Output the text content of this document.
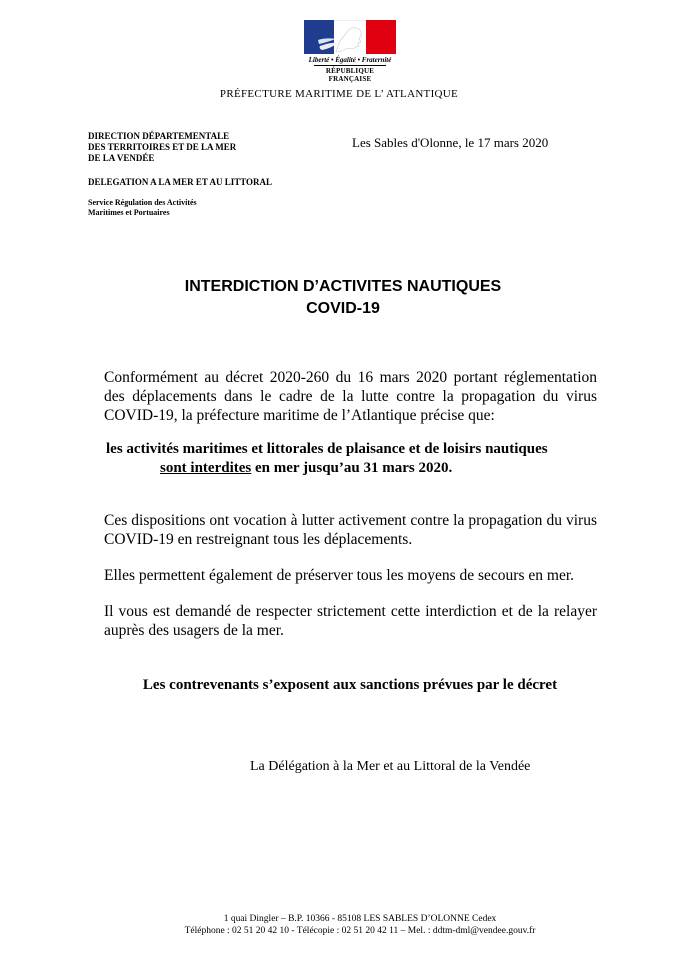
Liberté • Égalité • Fraternité
RÉPUBLIQUE FRANÇAISE
PRÉFECTURE MARITIME DE L’ ATLANTIQUE
DIRECTION DÉPARTEMENTALE
DES TERRITOIRES ET DE LA MER
DE LA VENDÉE
DELEGATION A LA MER ET AU LITTORAL
Service Régulation des Activités
Maritimes et Portuaires
Les Sables d'Olonne, le 17 mars 2020
INTERDICTION D’ACTIVITES NAUTIQUES
COVID-19
Conformément au décret 2020-260 du 16 mars 2020 portant réglementation des déplacements dans le cadre de la lutte contre la propagation du virus COVID-19, la préfecture maritime de l’Atlantique précise que:
les activités maritimes et littorales de plaisance et de loisirs nautiques
sont interdites en mer jusqu’au 31 mars 2020.
Ces dispositions ont vocation à lutter activement contre la propagation du virus COVID-19 en restreignant tous les déplacements.
Elles permettent également de préserver tous les moyens de secours en mer.
Il vous est demandé de respecter strictement cette interdiction et de la relayer auprès des usagers de la mer.
Les contrevenants s’exposent aux sanctions prévues par le décret
La Délégation à la Mer et au Littoral de la Vendée
1 quai Dingler – B.P. 10366 - 85108 LES SABLES D’OLONNE Cedex
Téléphone : 02 51 20 42 10 - Télécopie : 02 51 20 42 11 – Mel. : ddtm-dml@vendee.gouv.fr
